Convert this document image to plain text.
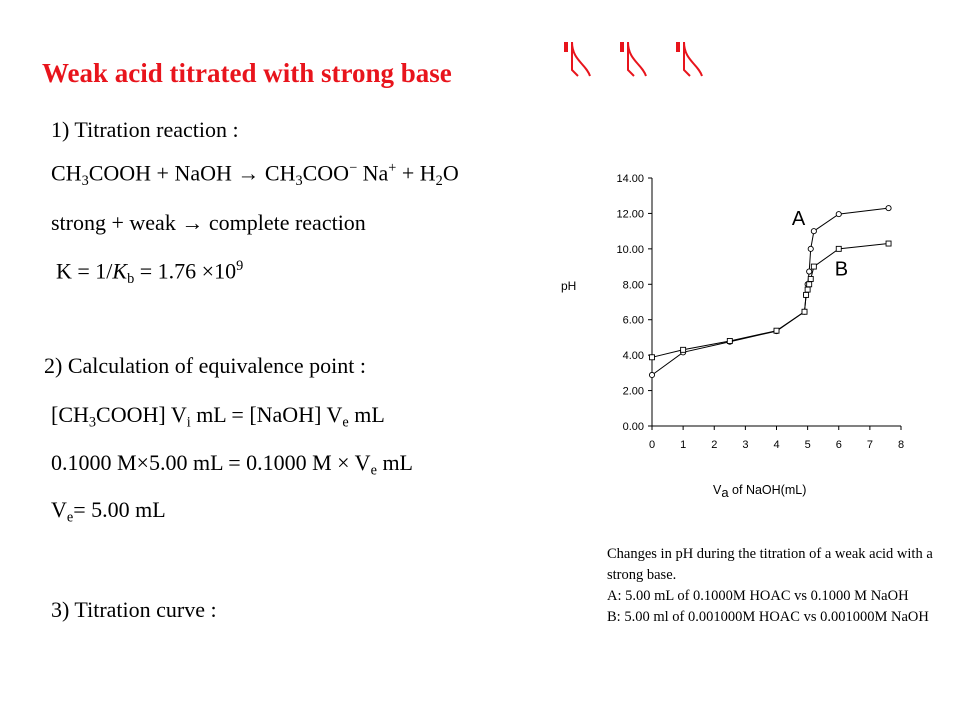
Weak acid titrated with strong base
1) Titration reaction :
$CH_3COOH$ + NaOH → $CH_3COO^-$ $Na^+ + H_2O$
strong + weak → complete reaction
$K = 1/K_b = 1.76 \times 10^9$
2) Calculation of equivalence point :
$[CH_3COOH]$ $V_i$ mL = [NaOH] $V_e$ mL
0.1000 M×5.00 mL = 0.1000 $M \times V_e$ mL
$V_e= 5.00$ mL
3) Titration curve :
0.00
2.00
4.00
6.00
8.00
10.00
12.00
14.00
0 1 2 3 4 5 6 7 8
A
B
pH
Va of NaOH(mL)
Changes in pH during the titration of a weak acid with a strong base.
A: 5.00 mL of 0.1000M HOAC vs 0.1000 M NaOH
B: 5.00 ml of 0.001000M HOAC vs 0.001000M NaOH
